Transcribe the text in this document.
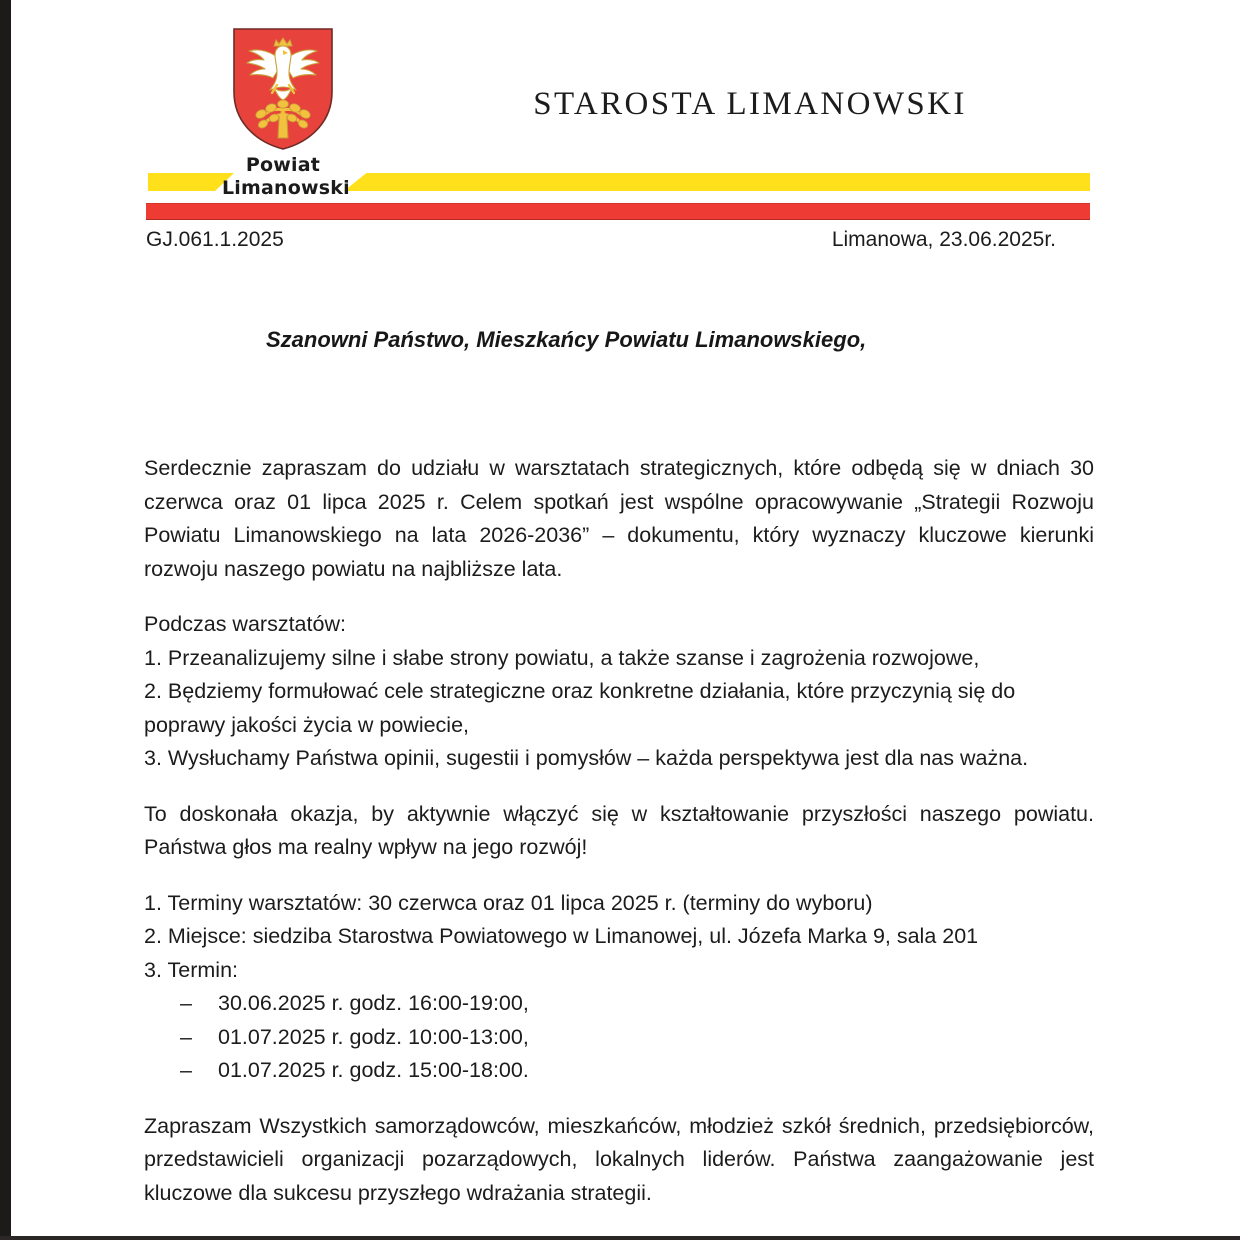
Powiat
Limanowski
STAROSTA LIMANOWSKI
GJ.061.1.2025	Limanowa, 23.06.2025r.
Szanowni Państwo, Mieszkańcy Powiatu Limanowskiego,
Serdecznie zapraszam do udziału w warsztatach strategicznych, które odbędą się w dniach 30 czerwca oraz 01 lipca 2025 r. Celem spotkań jest wspólne opracowywanie „Strategii Rozwoju Powiatu Limanowskiego na lata 2026-2036” – dokumentu, który wyznaczy kluczowe kierunki rozwoju naszego powiatu na najbliższe lata.
Podczas warsztatów:
1. Przeanalizujemy silne i słabe strony powiatu, a także szanse i zagrożenia rozwojowe,
2. Będziemy formułować cele strategiczne oraz konkretne działania, które przyczynią się do poprawy jakości życia w powiecie,
3. Wysłuchamy Państwa opinii, sugestii i pomysłów – każda perspektywa jest dla nas ważna.
To doskonała okazja, by aktywnie włączyć się w kształtowanie przyszłości naszego powiatu. Państwa głos ma realny wpływ na jego rozwój!
1. Terminy warsztatów: 30 czerwca oraz 01 lipca 2025 r. (terminy do wyboru)
2. Miejsce: siedziba Starostwa Powiatowego w Limanowej, ul. Józefa Marka 9, sala 201
3. Termin:
–	30.06.2025 r. godz. 16:00-19:00,
–	01.07.2025 r. godz. 10:00-13:00,
–	01.07.2025 r. godz. 15:00-18:00.
Zapraszam Wszystkich samorządowców, mieszkańców, młodzież szkół średnich, przedsiębiorców, przedstawicieli organizacji pozarządowych, lokalnych liderów. Państwa zaangażowanie jest kluczowe dla sukcesu przyszłego wdrażania strategii.
